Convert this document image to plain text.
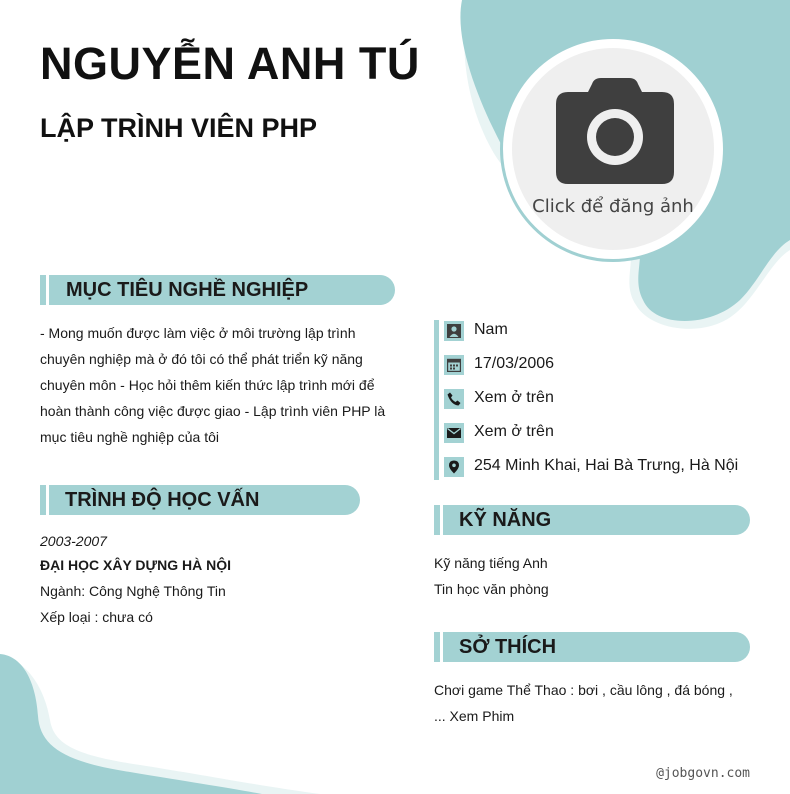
NGUYỄN ANH TÚ
LẬP TRÌNH VIÊN PHP
Click để đăng ảnh
MỤC TIÊU NGHỀ NGHIỆP
- Mong muốn được làm việc ở môi trường lập trình
chuyên nghiệp mà ở đó tôi có thể phát triển kỹ năng
chuyên môn - Học hỏi thêm kiến thức lập trình mới để
hoàn thành công việc được giao - Lập trình viên PHP là
mục tiêu nghề nghiệp của tôi
TRÌNH ĐỘ HỌC VẤN
2003-2007
ĐẠI HỌC XÂY DỰNG HÀ NỘI
Ngành: Công Nghệ Thông Tin
Xếp loại : chưa có
Nam
17/03/2006
Xem ở trên
Xem ở trên
254 Minh Khai, Hai Bà Trưng, Hà Nội
KỸ NĂNG
Kỹ năng tiếng Anh
Tin học văn phòng
SỞ THÍCH
Chơi game Thể Thao : bơi , cầu lông , đá bóng ,
... Xem Phim
@jobgovn.com
